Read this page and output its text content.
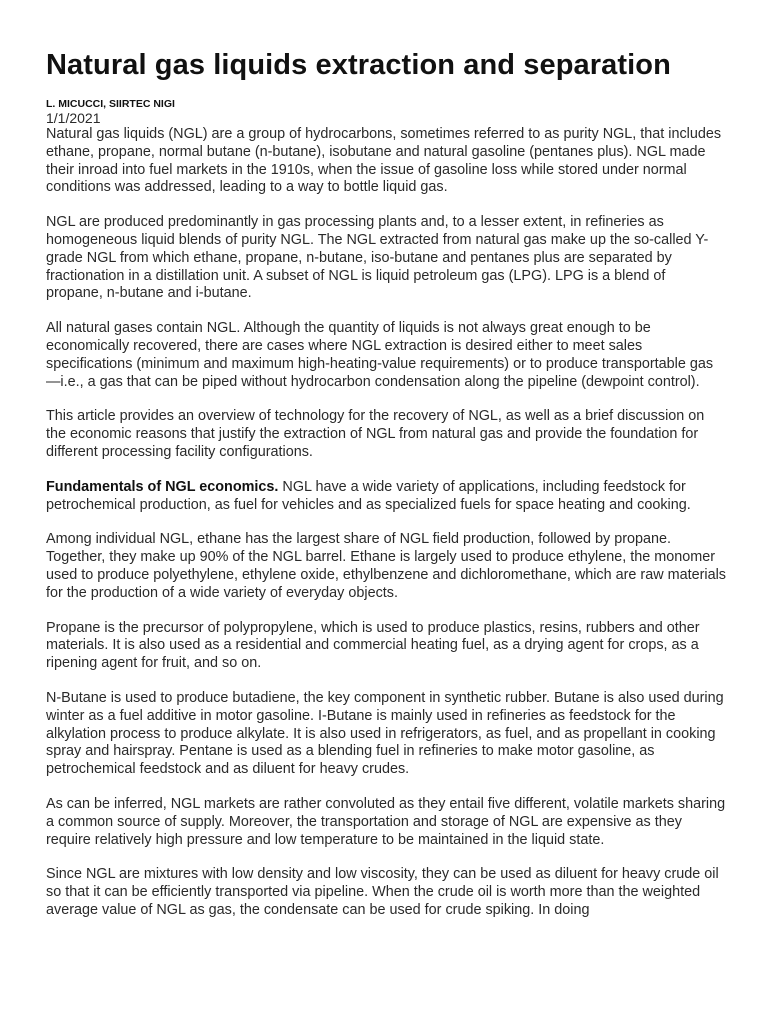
Natural gas liquids extraction and separation
L. MICUCCI, SIIRTEC NIGI
1/1/2021

Natural gas liquids (NGL) are a group of hydrocarbons, sometimes referred to as purity NGL, that includes ethane, propane, normal butane (n-butane), isobutane and natural gasoline (pentanes plus). NGL made their inroad into fuel markets in the 1910s, when the issue of gasoline loss while stored under normal conditions was addressed, leading to a way to bottle liquid gas.

NGL are produced predominantly in gas processing plants and, to a lesser extent, in refineries as homogeneous liquid blends of purity NGL. The NGL extracted from natural gas make up the so-called Y-grade NGL from which ethane, propane, n-butane, iso-butane and pentanes plus are separated by fractionation in a distillation unit. A subset of NGL is liquid petroleum gas (LPG). LPG is a blend of propane, n-butane and i-butane.

All natural gases contain NGL. Although the quantity of liquids is not always great enough to be economically recovered, there are cases where NGL extraction is desired either to meet sales specifications (minimum and maximum high-heating-value requirements) or to produce transportable gas—i.e., a gas that can be piped without hydrocarbon condensation along the pipeline (dewpoint control).

This article provides an overview of technology for the recovery of NGL, as well as a brief discussion on the economic reasons that justify the extraction of NGL from natural gas and provide the foundation for different processing facility configurations.

Fundamentals of NGL economics. NGL have a wide variety of applications, including feedstock for petrochemical production, as fuel for vehicles and as specialized fuels for space heating and cooking.

Among individual NGL, ethane has the largest share of NGL field production, followed by propane. Together, they make up 90% of the NGL barrel. Ethane is largely used to produce ethylene, the monomer used to produce polyethylene, ethylene oxide, ethylbenzene and dichloromethane, which are raw materials for the production of a wide variety of everyday objects.

Propane is the precursor of polypropylene, which is used to produce plastics, resins, rubbers and other materials. It is also used as a residential and commercial heating fuel, as a drying agent for crops, as a ripening agent for fruit, and so on.

N-Butane is used to produce butadiene, the key component in synthetic rubber. Butane is also used during winter as a fuel additive in motor gasoline. I-Butane is mainly used in refineries as feedstock for the alkylation process to produce alkylate. It is also used in refrigerators, as fuel, and as propellant in cooking spray and hairspray. Pentane is used as a blending fuel in refineries to make motor gasoline, as petrochemical feedstock and as diluent for heavy crudes.

As can be inferred, NGL markets are rather convoluted as they entail five different, volatile markets sharing a common source of supply. Moreover, the transportation and storage of NGL are expensive as they require relatively high pressure and low temperature to be maintained in the liquid state.

Since NGL are mixtures with low density and low viscosity, they can be used as diluent for heavy crude oil so that it can be efficiently transported via pipeline. When the crude oil is worth more than the weighted average value of NGL as gas, the condensate can be used for crude spiking. In doing
